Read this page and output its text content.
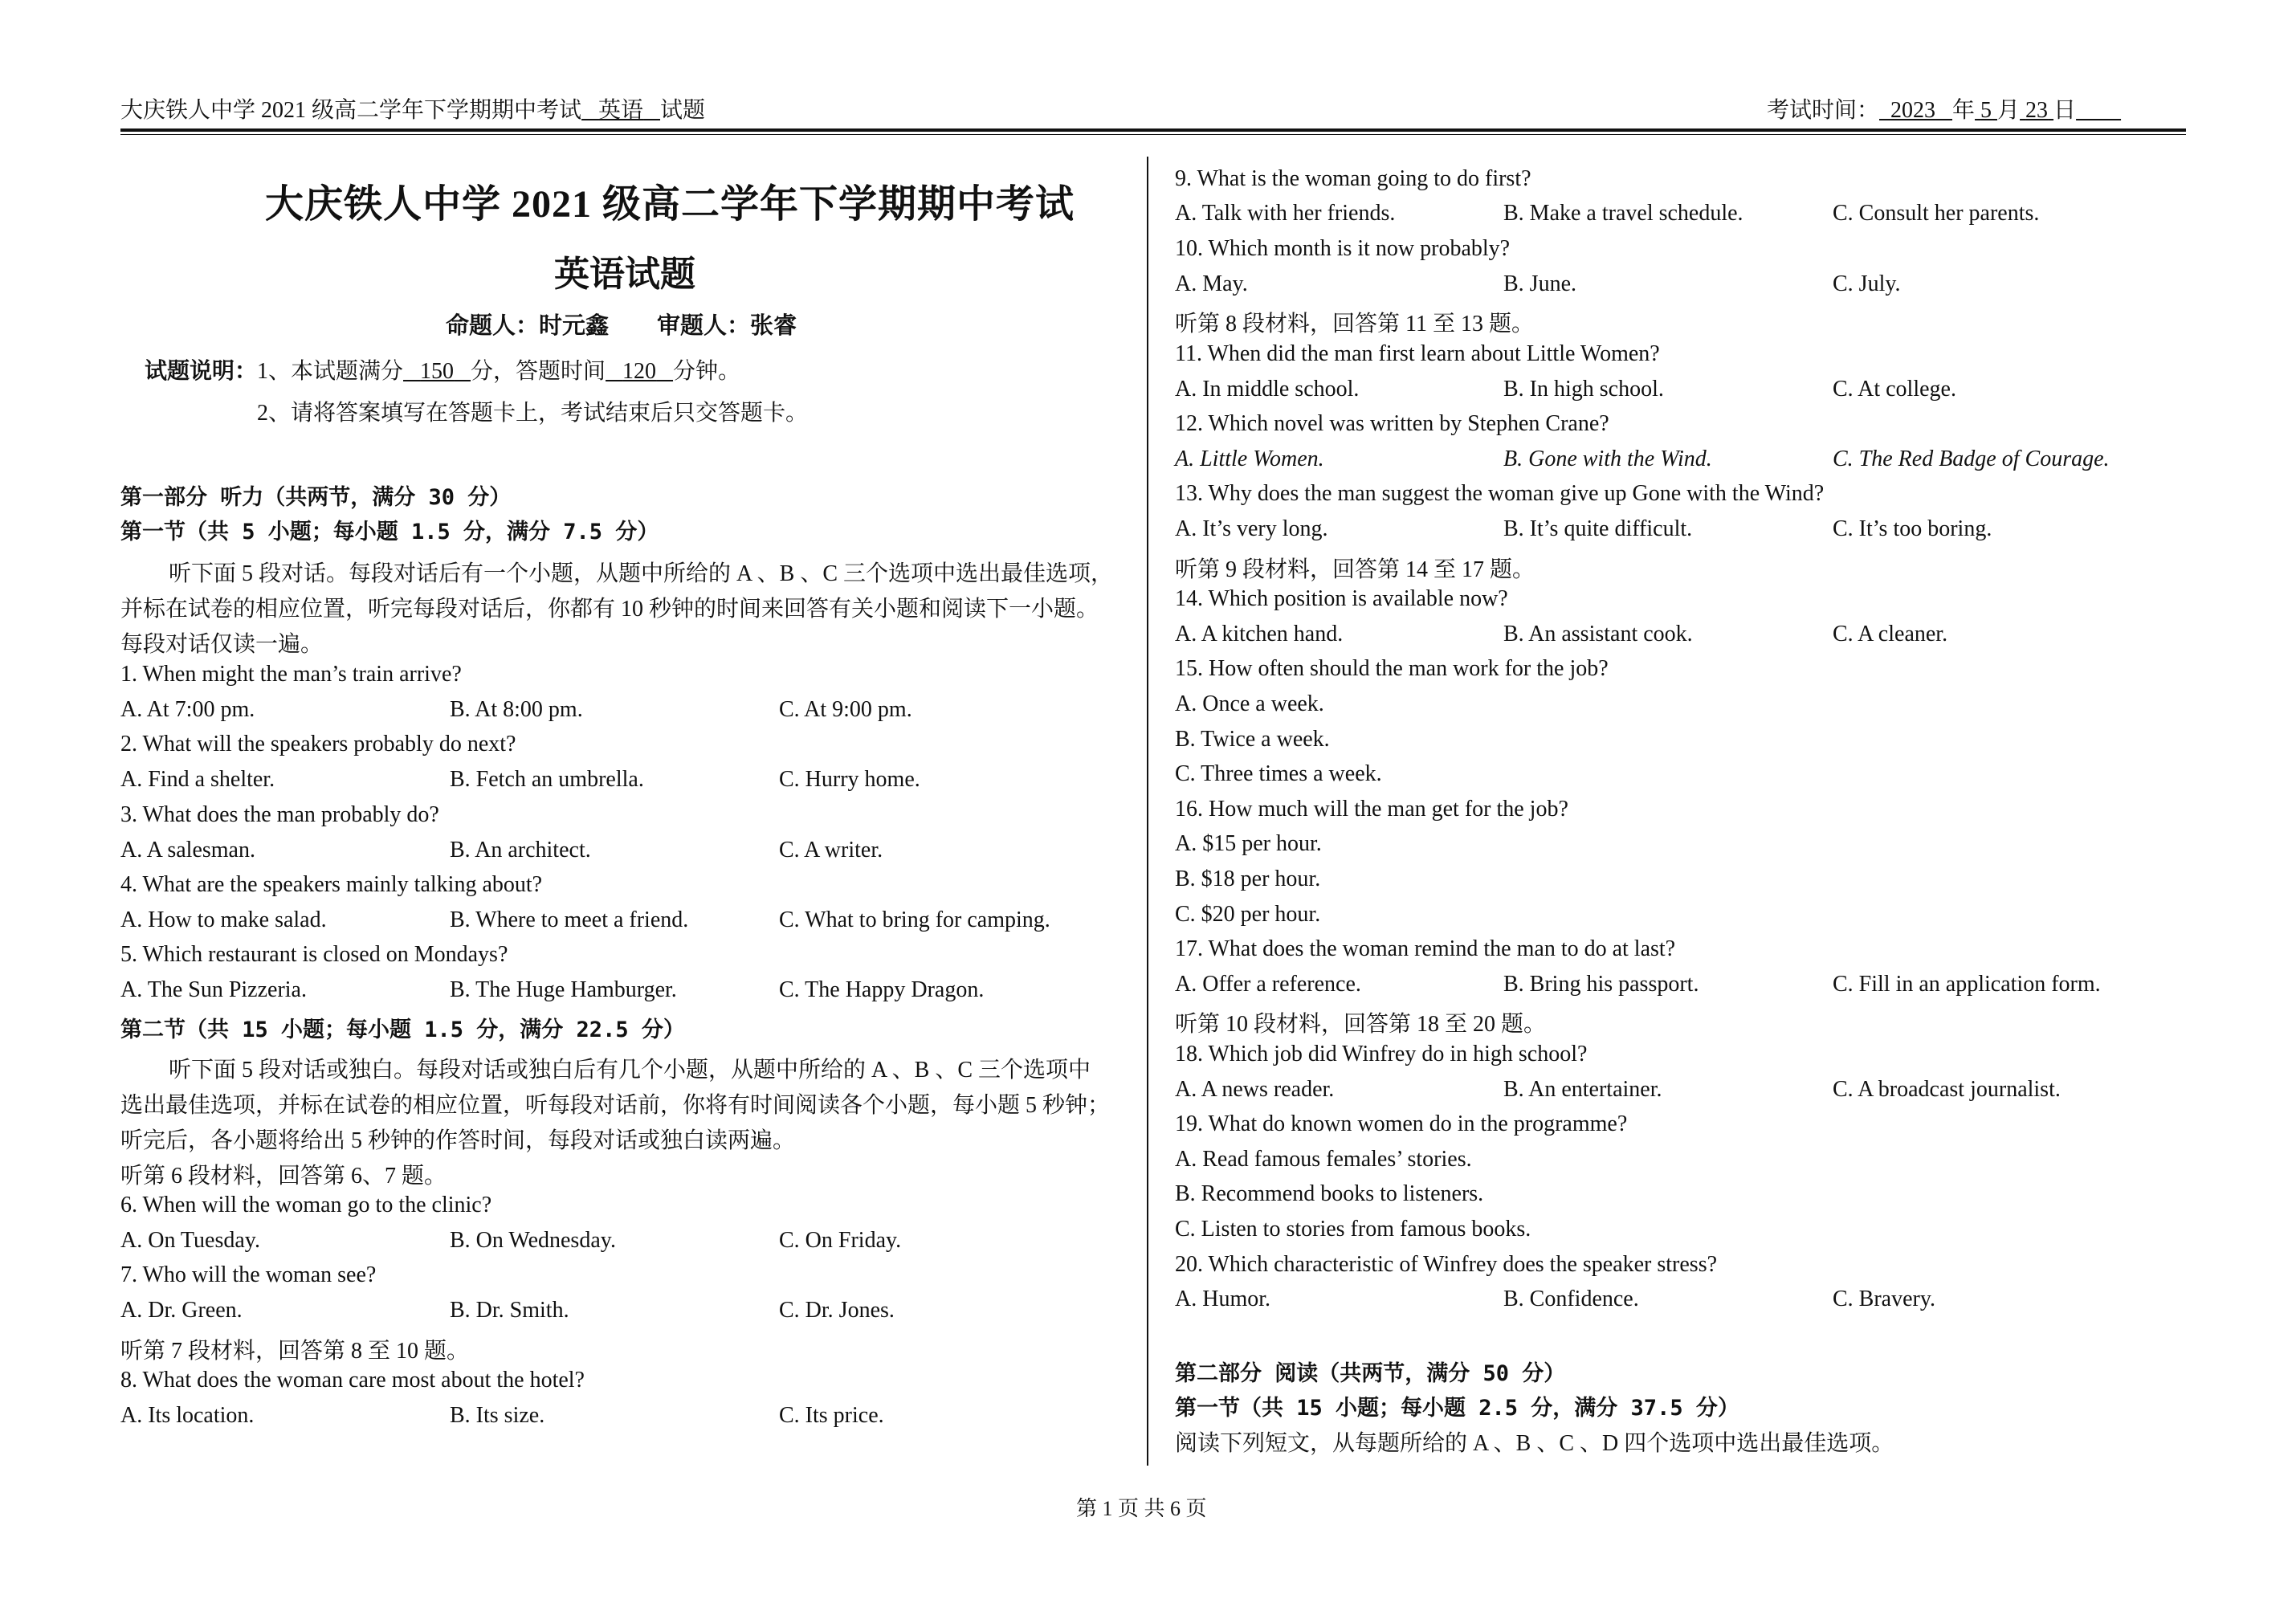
大庆铁人中学 2021 级高二学年下学期期中考试 英语 试题	考试时间： 2023 年 5 月 23 日
大庆铁人中学 2021 级高二学年下学期期中考试
英语试题
命题人：时元鑫 审题人：张睿
试题说明：1、本试题满分 150 分，答题时间 120 分钟。
2、请将答案填写在答题卡上，考试结束后只交答题卡。
第一部分 听力（共两节，满分 30 分）
第一节（共 5 小题；每小题 1.5 分，满分 7.5 分）
听下面 5 段对话。每段对话后有一个小题，从题中所给的 A 、B 、C 三个选项中选出最佳选项，
并标在试卷的相应位置，听完每段对话后，你都有 10 秒钟的时间来回答有关小题和阅读下一小题。
每段对话仅读一遍。
1. When might the man’s train arrive?
A. At 7:00 pm.	B. At 8:00 pm.	C. At 9:00 pm.
2. What will the speakers probably do next?
A. Find a shelter.	B. Fetch an umbrella.	C. Hurry home.
3. What does the man probably do?
A. A salesman.	B. An architect.	C. A writer.
4. What are the speakers mainly talking about?
A. How to make salad.	B. Where to meet a friend.	C. What to bring for camping.
5. Which restaurant is closed on Mondays?
A. The Sun Pizzeria.	B. The Huge Hamburger.	C. The Happy Dragon.
第二节（共 15 小题；每小题 1.5 分，满分 22.5 分）
听下面 5 段对话或独白。每段对话或独白后有几个小题，从题中所给的 A 、B 、C 三个选项中
选出最佳选项，并标在试卷的相应位置，听每段对话前，你将有时间阅读各个小题，每小题 5 秒钟；
听完后，各小题将给出 5 秒钟的作答时间，每段对话或独白读两遍。
听第 6 段材料，回答第 6、7 题。
6. When will the woman go to the clinic?
A. On Tuesday.	B. On Wednesday.	C. On Friday.
7. Who will the woman see?
A. Dr. Green.	B. Dr. Smith.	C. Dr. Jones.
听第 7 段材料，回答第 8 至 10 题。
8. What does the woman care most about the hotel?
A. Its location.	B. Its size.	C. Its price.
9. What is the woman going to do first?
A. Talk with her friends.	B. Make a travel schedule.	C. Consult her parents.
10. Which month is it now probably?
A. May.	B. June.	C. July.
听第 8 段材料，回答第 11 至 13 题。
11. When did the man first learn about Little Women?
A. In middle school.	B. In high school.	C. At college.
12. Which novel was written by Stephen Crane?
A. Little Women.	B. Gone with the Wind.	C. The Red Badge of Courage.
13. Why does the man suggest the woman give up Gone with the Wind?
A. It’s very long.	B. It’s quite difficult.	C. It’s too boring.
听第 9 段材料，回答第 14 至 17 题。
14. Which position is available now?
A. A kitchen hand.	B. An assistant cook.	C. A cleaner.
15. How often should the man work for the job?
A. Once a week.
B. Twice a week.
C. Three times a week.
16. How much will the man get for the job?
A. $15 per hour.
B. $18 per hour.
C. $20 per hour.
17. What does the woman remind the man to do at last?
A. Offer a reference.	B. Bring his passport.	C. Fill in an application form.
听第 10 段材料，回答第 18 至 20 题。
18. Which job did Winfrey do in high school?
A. A news reader.	B. An entertainer.	C. A broadcast journalist.
19. What do known women do in the programme?
A. Read famous females’ stories.
B. Recommend books to listeners.
C. Listen to stories from famous books.
20. Which characteristic of Winfrey does the speaker stress?
A. Humor.	B. Confidence.	C. Bravery.
第二部分 阅读（共两节，满分 50 分）
第一节（共 15 小题；每小题 2.5 分，满分 37.5 分）
阅读下列短文，从每题所给的 A 、B 、C 、D 四个选项中选出最佳选项。
第 1 页 共 6 页
